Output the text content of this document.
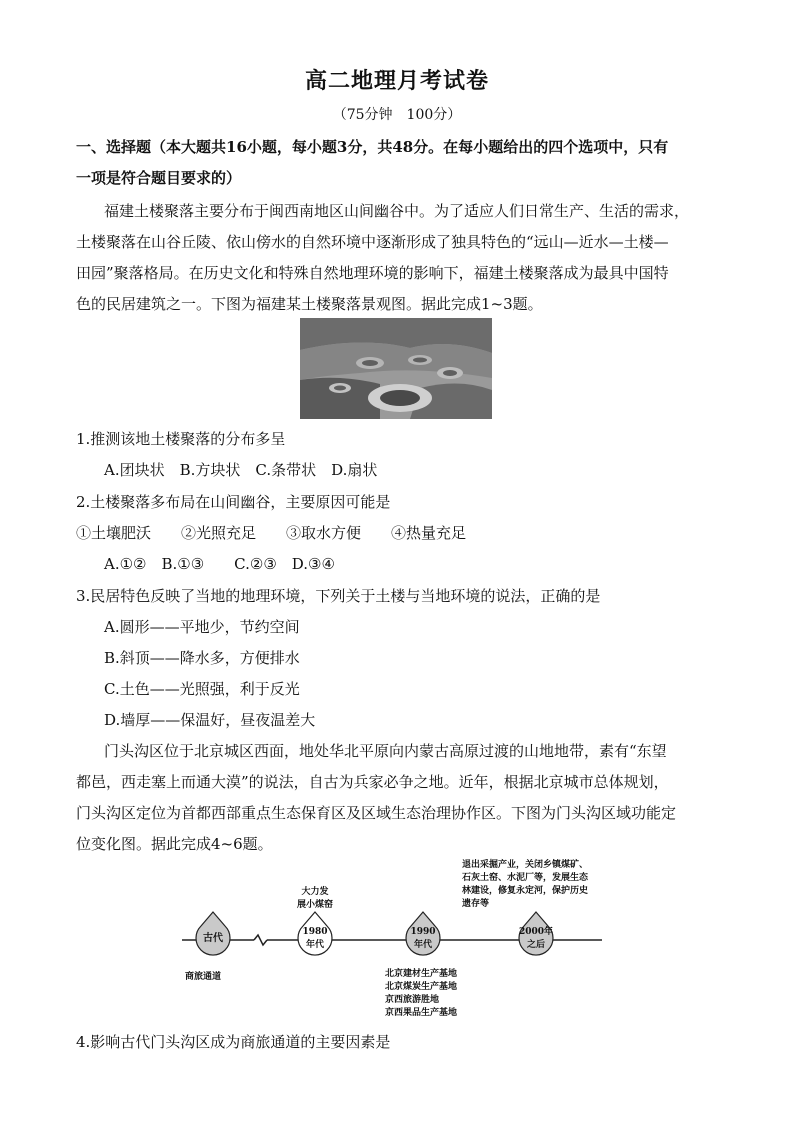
高二地理月考试卷
（75分钟　100分）
一、选择题（本大题共16小题，每小题3分，共48分。在每小题给出的四个选项中，只有
一项是符合题目要求的）
福建土楼聚落主要分布于闽西南地区山间幽谷中。为了适应人们日常生产、生活的需求，
土楼聚落在山谷丘陵、依山傍水的自然环境中逐渐形成了独具特色的“远山—近水—土楼—
田园”聚落格局。在历史文化和特殊自然地理环境的影响下，福建土楼聚落成为最具中国特
色的民居建筑之一。下图为福建某土楼聚落景观图。据此完成1~3题。
1.推测该地土楼聚落的分布多呈
A.团块状　B.方块状　C.条带状　D.扇状
2.土楼聚落多布局在山间幽谷，主要原因可能是
①土壤肥沃　　②光照充足　　③取水方便　　④热量充足
A.①②　B.①③　　C.②③　D.③④
3.民居特色反映了当地的地理环境，下列关于土楼与当地环境的说法，正确的是
A.圆形——平地少，节约空间
B.斜顶——降水多，方便排水
C.土色——光照强，利于反光
D.墙厚——保温好，昼夜温差大
门头沟区位于北京城区西面，地处华北平原向内蒙古高原过渡的山地地带，素有“东望
都邑，西走塞上而通大漠”的说法，自古为兵家必争之地。近年，根据北京城市总体规划，
门头沟区定位为首都西部重点生态保育区及区域生态治理协作区。下图为门头沟区域功能定
位变化图。据此完成4~6题。
古代
商旅通道
1980
年代
大力发
展小煤窑
1990
年代
北京建材生产基地
北京煤炭生产基地
京西旅游胜地
京西果品生产基地
2000年
之后
退出采掘产业，关闭乡镇煤矿、
石灰土窑、水泥厂等，发展生态
林建设，修复永定河，保护历史
遗存等
4.影响古代门头沟区成为商旅通道的主要因素是
